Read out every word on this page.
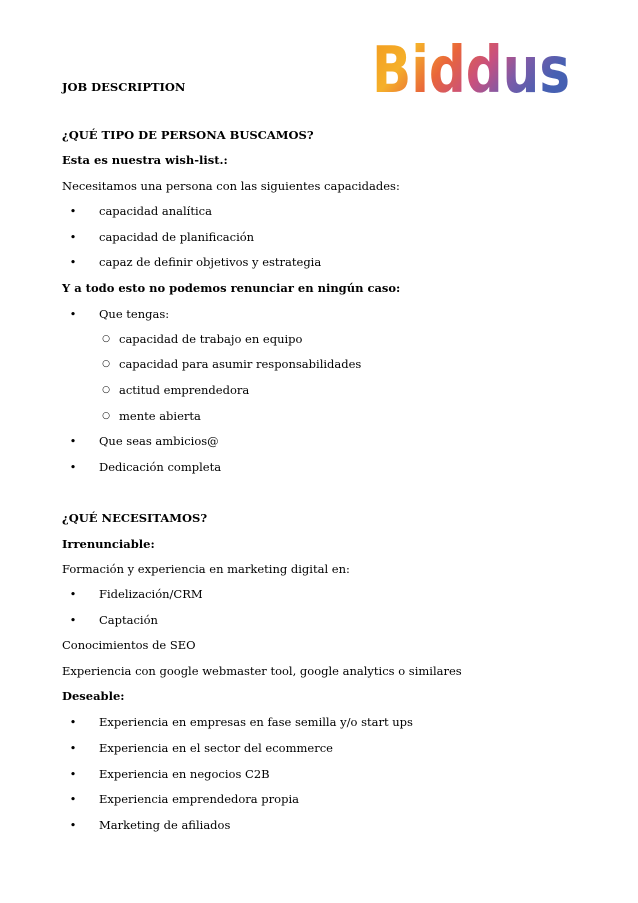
Biddus
JOB DESCRIPTION
¿QUÉ TIPO DE PERSONA BUSCAMOS?
Esta es nuestra wish-list.:
Necesitamos una persona con las siguientes capacidades:
• capacidad analítica
• capacidad de planificación
• capaz de definir objetivos y estrategia
Y a todo esto no podemos renunciar en ningún caso:
• Que tengas:
○ capacidad de trabajo en equipo
○ capacidad para asumir responsabilidades
○ actitud emprendedora
○ mente abierta
• Que seas ambicios@
• Dedicación completa
¿QUÉ NECESITAMOS?
Irrenunciable:
Formación y experiencia en marketing digital en:
• Fidelización/CRM
• Captación
Conocimientos de SEO
Experiencia con google webmaster tool, google analytics o similares
Deseable:
• Experiencia en empresas en fase semilla y/o start ups
• Experiencia en el sector del ecommerce
• Experiencia en negocios C2B
• Experiencia emprendedora propia
• Marketing de afiliados
